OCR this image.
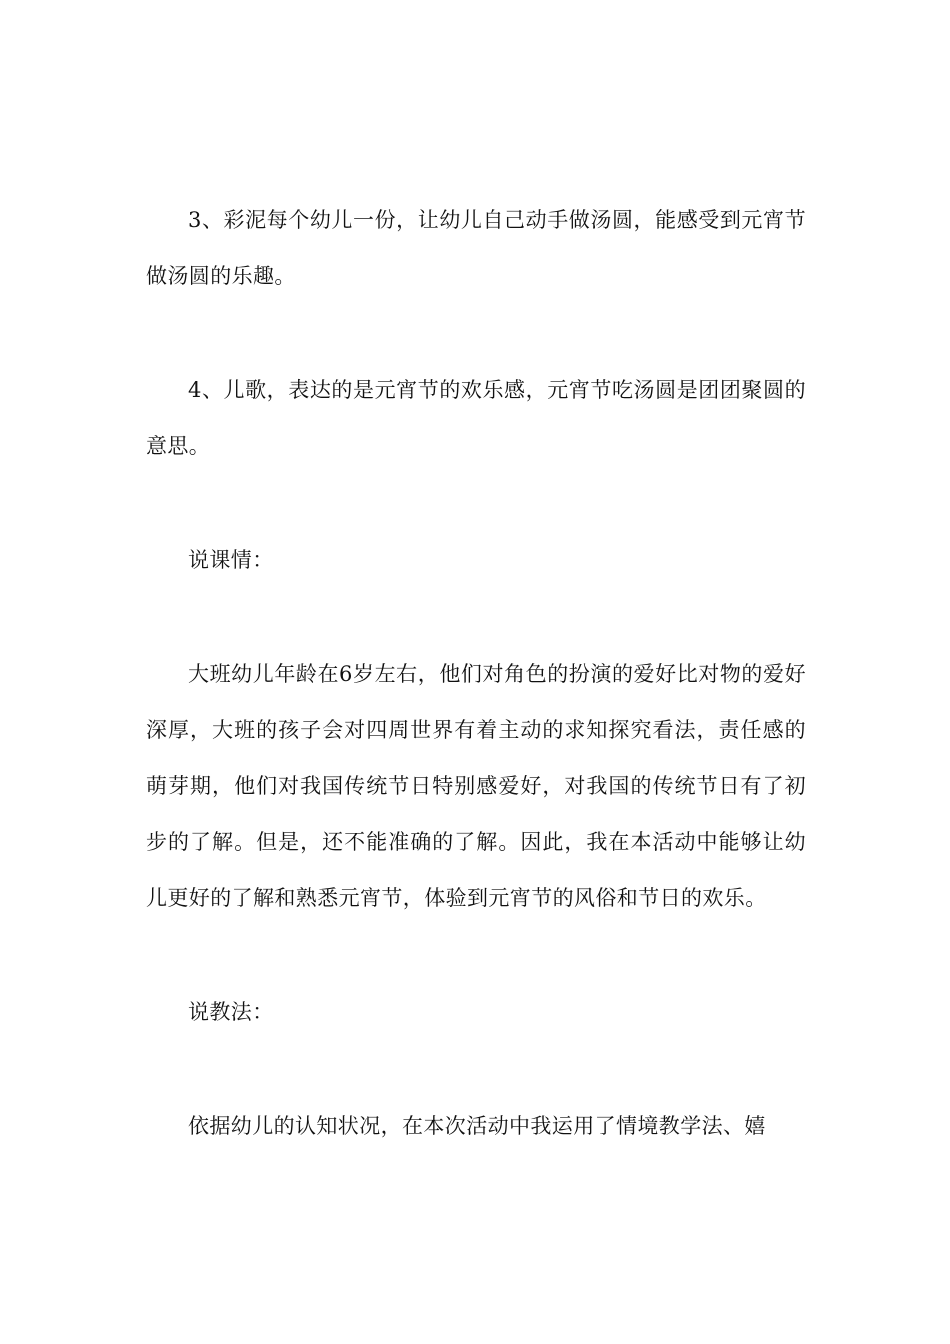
3、彩泥每个幼儿一份，让幼儿自己动手做汤圆，能感受到元宵节做汤圆的乐趣。

4、儿歌，表达的是元宵节的欢乐感，元宵节吃汤圆是团团聚圆的意思。

说课情：

大班幼儿年龄在6岁左右，他们对角色的扮演的爱好比对物的爱好深厚，大班的孩子会对四周世界有着主动的求知探究看法，责任感的萌芽期，他们对我国传统节日特别感爱好，对我国的传统节日有了初步的了解。但是，还不能准确的了解。因此，我在本活动中能够让幼儿更好的了解和熟悉元宵节，体验到元宵节的风俗和节日的欢乐。

说教法：

依据幼儿的认知状况，在本次活动中我运用了情境教学法、嬉
